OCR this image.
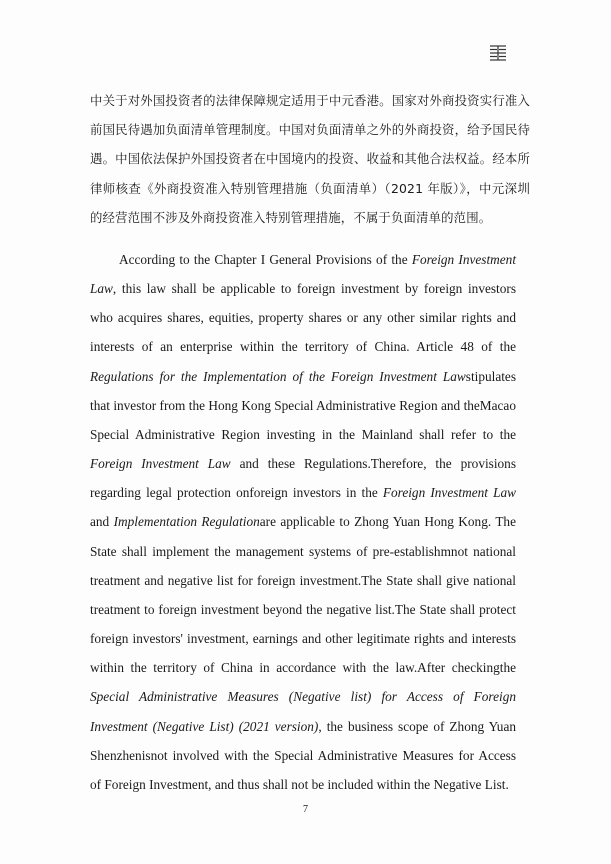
中关于对外国投资者的法律保障规定适用于中元香港。国家对外商投资实行准入前国民待遇加负面清单管理制度。中国对负面清单之外的外商投资，给予国民待遇。中国依法保护外国投资者在中国境内的投资、收益和其他合法权益。经本所律师核查《外商投资准入特别管理措施（负面清单）（2021 年版）》，中元深圳的经营范围不涉及外商投资准入特别管理措施，不属于负面清单的范围。
According to the Chapter I General Provisions of the Foreign Investment Law, this law shall be applicable to foreign investment by foreign investors who acquires shares, equities, property shares or any other similar rights and interests of an enterprise within the territory of China. Article 48 of the Regulations for the Implementation of the Foreign Investment Lawstipulates that investor from the Hong Kong Special Administrative Region and theMacao Special Administrative Region investing in the Mainland shall refer to the Foreign Investment Law and these Regulations.Therefore, the provisions regarding legal protection onforeign investors in the Foreign Investment Law and Implementation Regulationare applicable to Zhong Yuan Hong Kong. The State shall implement the management systems of pre-establishmnot national treatment and negative list for foreign investment.The State shall give national treatment to foreign investment beyond the negative list.The State shall protect foreign investors' investment, earnings and other legitimate rights and interests within the territory of China in accordance with the law.After checkingthe Special Administrative Measures (Negative list) for Access of Foreign Investment (Negative List) (2021 version), the business scope of Zhong Yuan Shenzhenisnot involved with the Special Administrative Measures for Access of Foreign Investment, and thus shall not be included within the Negative List.
7
